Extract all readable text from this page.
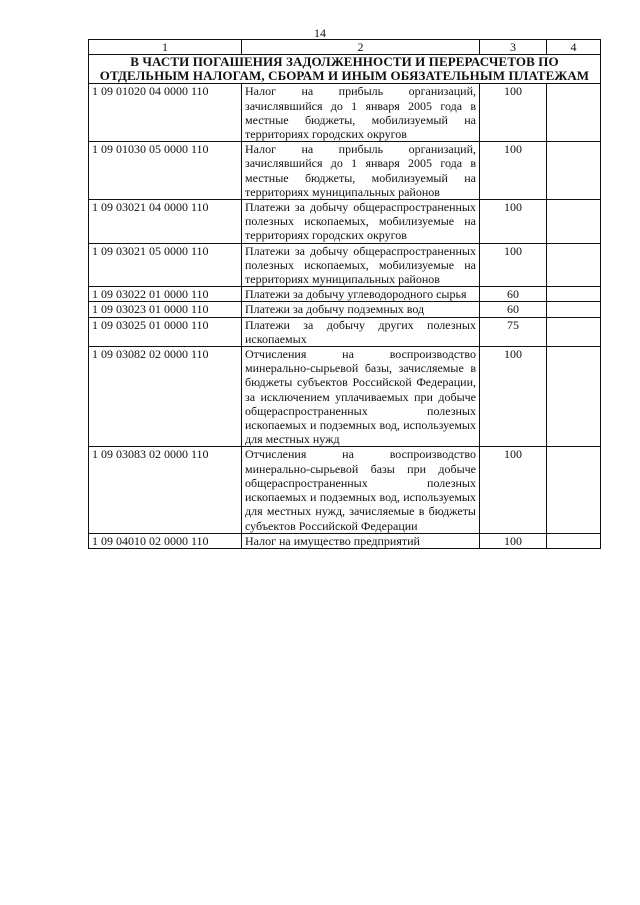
14
1	2	3	4
В ЧАСТИ ПОГАШЕНИЯ ЗАДОЛЖЕННОСТИ И ПЕРЕРАСЧЕТОВ ПО ОТДЕЛЬНЫМ НАЛОГАМ, СБОРАМ И ИНЫМ ОБЯЗАТЕЛЬНЫМ ПЛАТЕЖАМ			
1 09 01020 04 0000 110	Налог на прибыль организаций, зачислявшийся до 1 января 2005 года в местные бюджеты, мобилизуемый на территориях городских округов	100	
1 09 01030 05 0000 110	Налог на прибыль организаций, зачислявшийся до 1 января 2005 года в местные бюджеты, мобилизуемый на территориях муниципальных районов	100	
1 09 03021 04 0000 110	Платежи за добычу общераспространенных полезных ископаемых, мобилизуемые на территориях городских округов	100	
1 09 03021 05 0000 110	Платежи за добычу общераспространенных полезных ископаемых, мобилизуемые на территориях муниципальных районов	100	
1 09 03022 01 0000 110	Платежи за добычу углеводородного сырья	60	
1 09 03023 01 0000 110	Платежи за добычу подземных вод	60	
1 09 03025 01 0000 110	Платежи за добычу других полезных ископаемых	75	
1 09 03082 02 0000 110	Отчисления на воспроизводство минерально-сырьевой базы, зачисляемые в бюджеты субъектов Российской Федерации, за исключением уплачиваемых при добыче общераспространенных полезных ископаемых и подземных вод, используемых для местных нужд	100	
1 09 03083 02 0000 110	Отчисления на воспроизводство минерально-сырьевой базы при добыче общераспространенных полезных ископаемых и подземных вод, используемых для местных нужд, зачисляемые в бюджеты субъектов Российской Федерации	100	
1 09 04010 02 0000 110	Налог на имущество предприятий	100	
